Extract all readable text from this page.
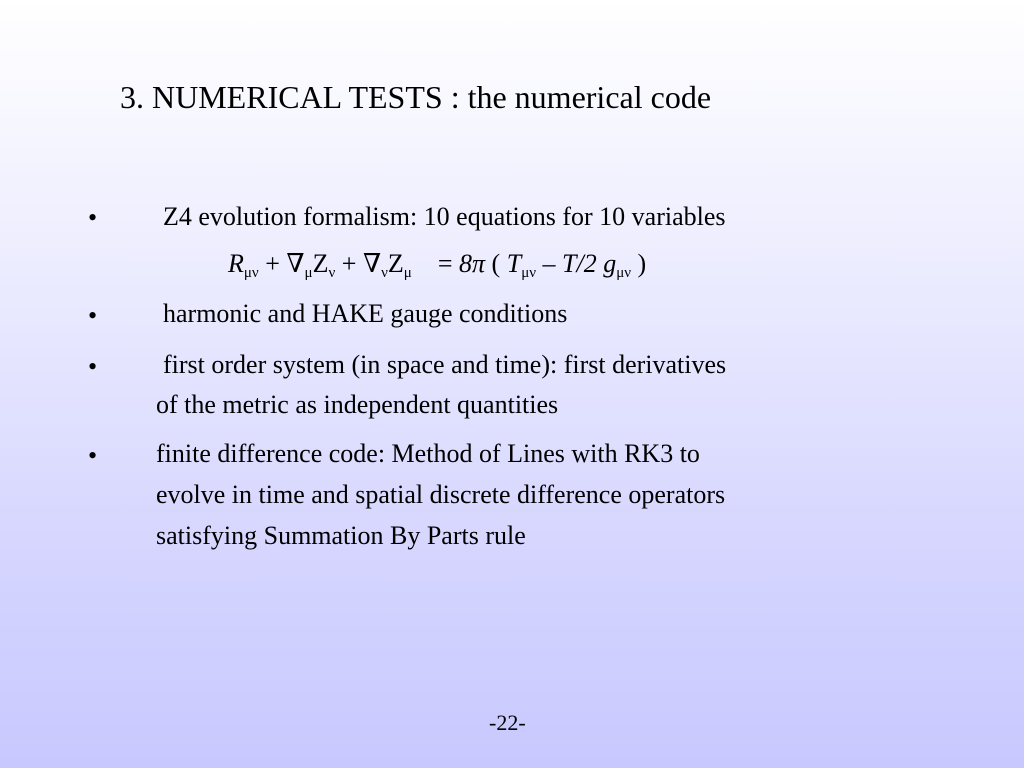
3. NUMERICAL TESTS : the numerical code
•	Z4 evolution formalism: 10 equations for 10 variables
$R_{\mu\nu} + \nabla_\mu Z_\nu + \nabla_\nu Z_\mu = 8\pi$ ( $T_{\mu\nu} - T/2$ $g_{\mu\nu}$ )
•	harmonic and HAKE gauge conditions
•	first order system (in space and time): first derivatives
of the metric as independent quantities
• finite difference code: Method of Lines with RK3 to
evolve in time and spatial discrete difference operators
satisfying Summation By Parts rule
-22-
